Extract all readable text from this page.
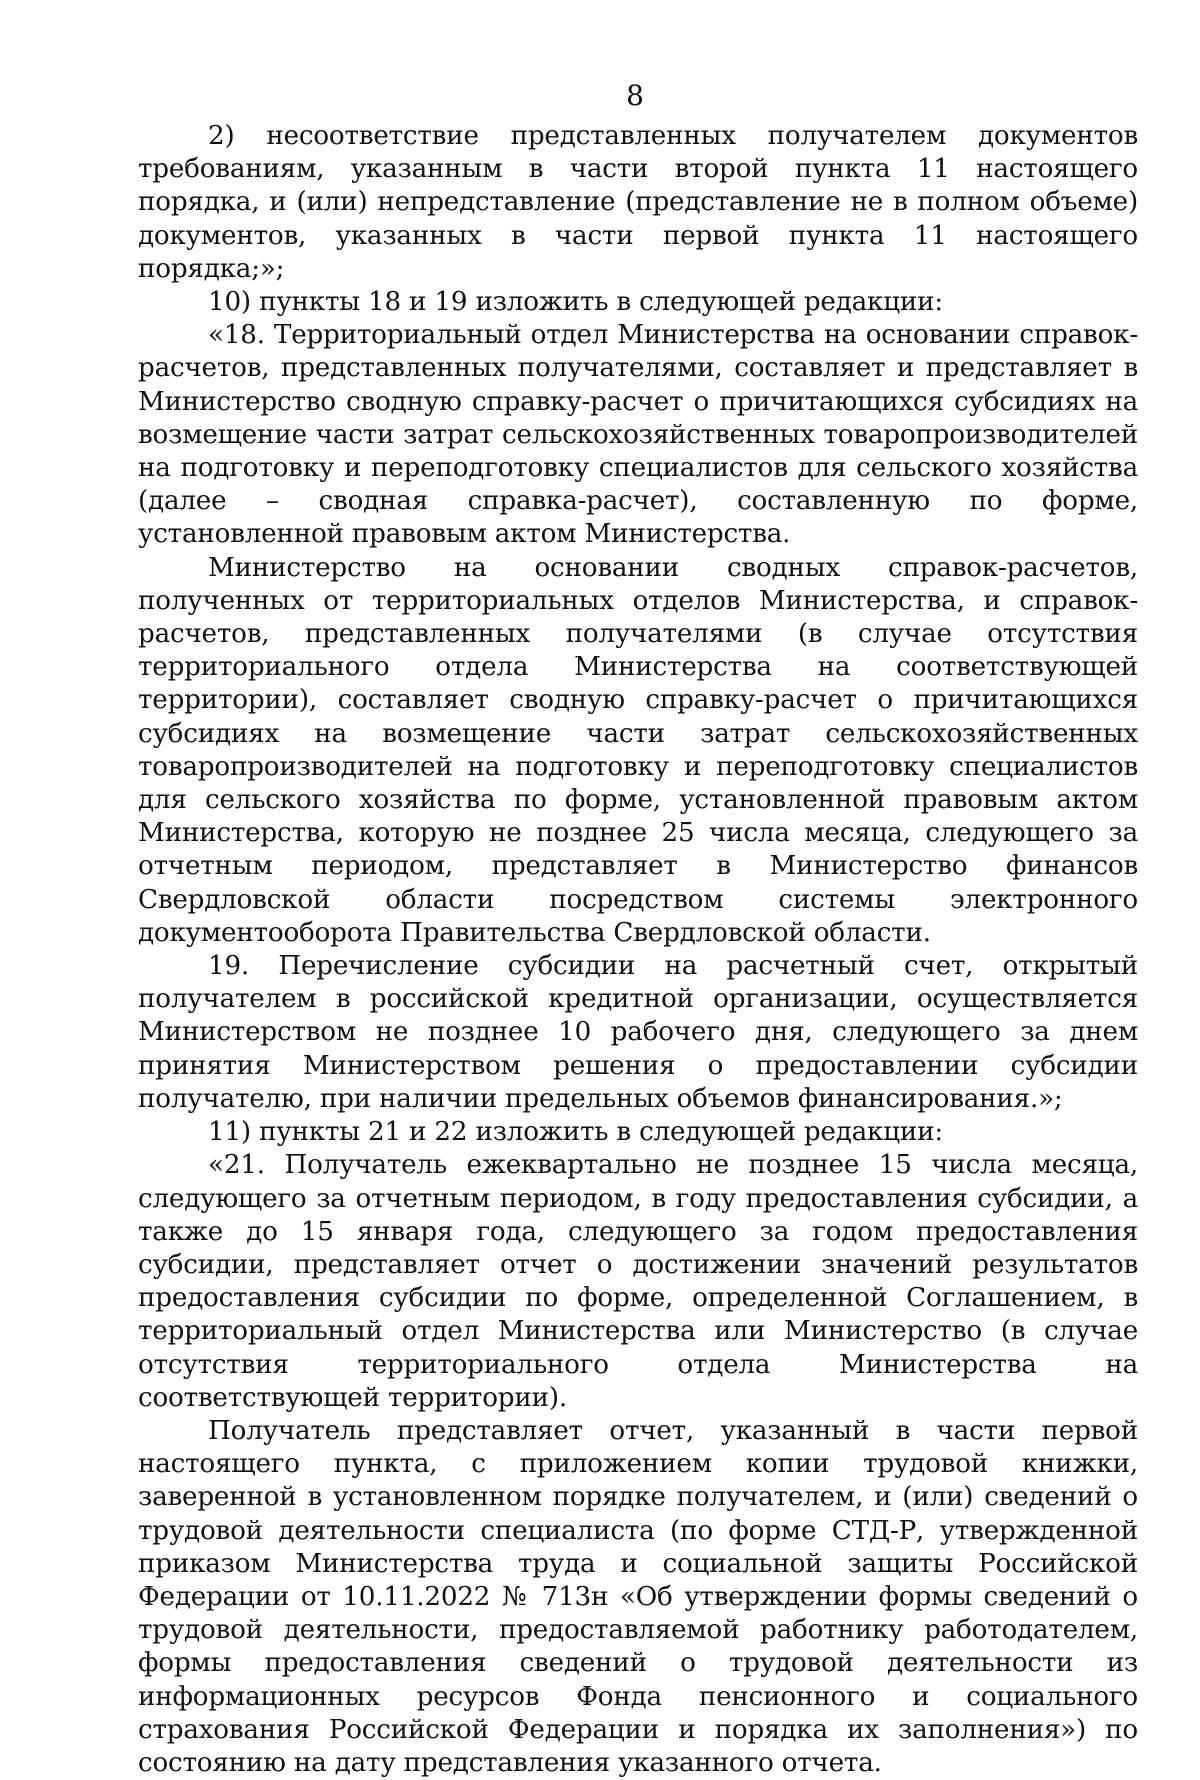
8

2) несоответствие представленных получателем документов требованиям, указанным в части второй пункта 11 настоящего порядка, и (или) непредставление (представление не в полном объеме) документов, указанных в части первой пункта 11 настоящего порядка;»;

10) пункты 18 и 19 изложить в следующей редакции:

«18. Территориальный отдел Министерства на основании справок-расчетов, представленных получателями, составляет и представляет в Министерство сводную справку-расчет о причитающихся субсидиях на возмещение части затрат сельскохозяйственных товаропроизводителей на подготовку и переподготовку специалистов для сельского хозяйства (далее – сводная справка-расчет), составленную по форме, установленной правовым актом Министерства.

Министерство на основании сводных справок-расчетов, полученных от территориальных отделов Министерства, и справок-расчетов, представленных получателями (в случае отсутствия территориального отдела Министерства на соответствующей территории), составляет сводную справку-расчет о причитающихся субсидиях на возмещение части затрат сельскохозяйственных товаропроизводителей на подготовку и переподготовку специалистов для сельского хозяйства по форме, установленной правовым актом Министерства, которую не позднее 25 числа месяца, следующего за отчетным периодом, представляет в Министерство финансов Свердловской области посредством системы электронного документооборота Правительства Свердловской области.

19. Перечисление субсидии на расчетный счет, открытый получателем в российской кредитной организации, осуществляется Министерством не позднее 10 рабочего дня, следующего за днем принятия Министерством решения о предоставлении субсидии получателю, при наличии предельных объемов финансирования.»;

11) пункты 21 и 22 изложить в следующей редакции:

«21. Получатель ежеквартально не позднее 15 числа месяца, следующего за отчетным периодом, в году предоставления субсидии, а также до 15 января года, следующего за годом предоставления субсидии, представляет отчет о достижении значений результатов предоставления субсидии по форме, определенной Соглашением, в территориальный отдел Министерства или Министерство (в случае отсутствия территориального отдела Министерства на соответствующей территории).

Получатель представляет отчет, указанный в части первой настоящего пункта, с приложением копии трудовой книжки, заверенной в установленном порядке получателем, и (или) сведений о трудовой деятельности специалиста (по форме СТД-Р, утвержденной приказом Министерства труда и социальной защиты Российской Федерации от 10.11.2022 № 713н «Об утверждении формы сведений о трудовой деятельности, предоставляемой работнику работодателем, формы предоставления сведений о трудовой деятельности из информационных ресурсов Фонда пенсионного и социального страхования Российской Федерации и порядка их заполнения») по состоянию на дату представления указанного отчета.
